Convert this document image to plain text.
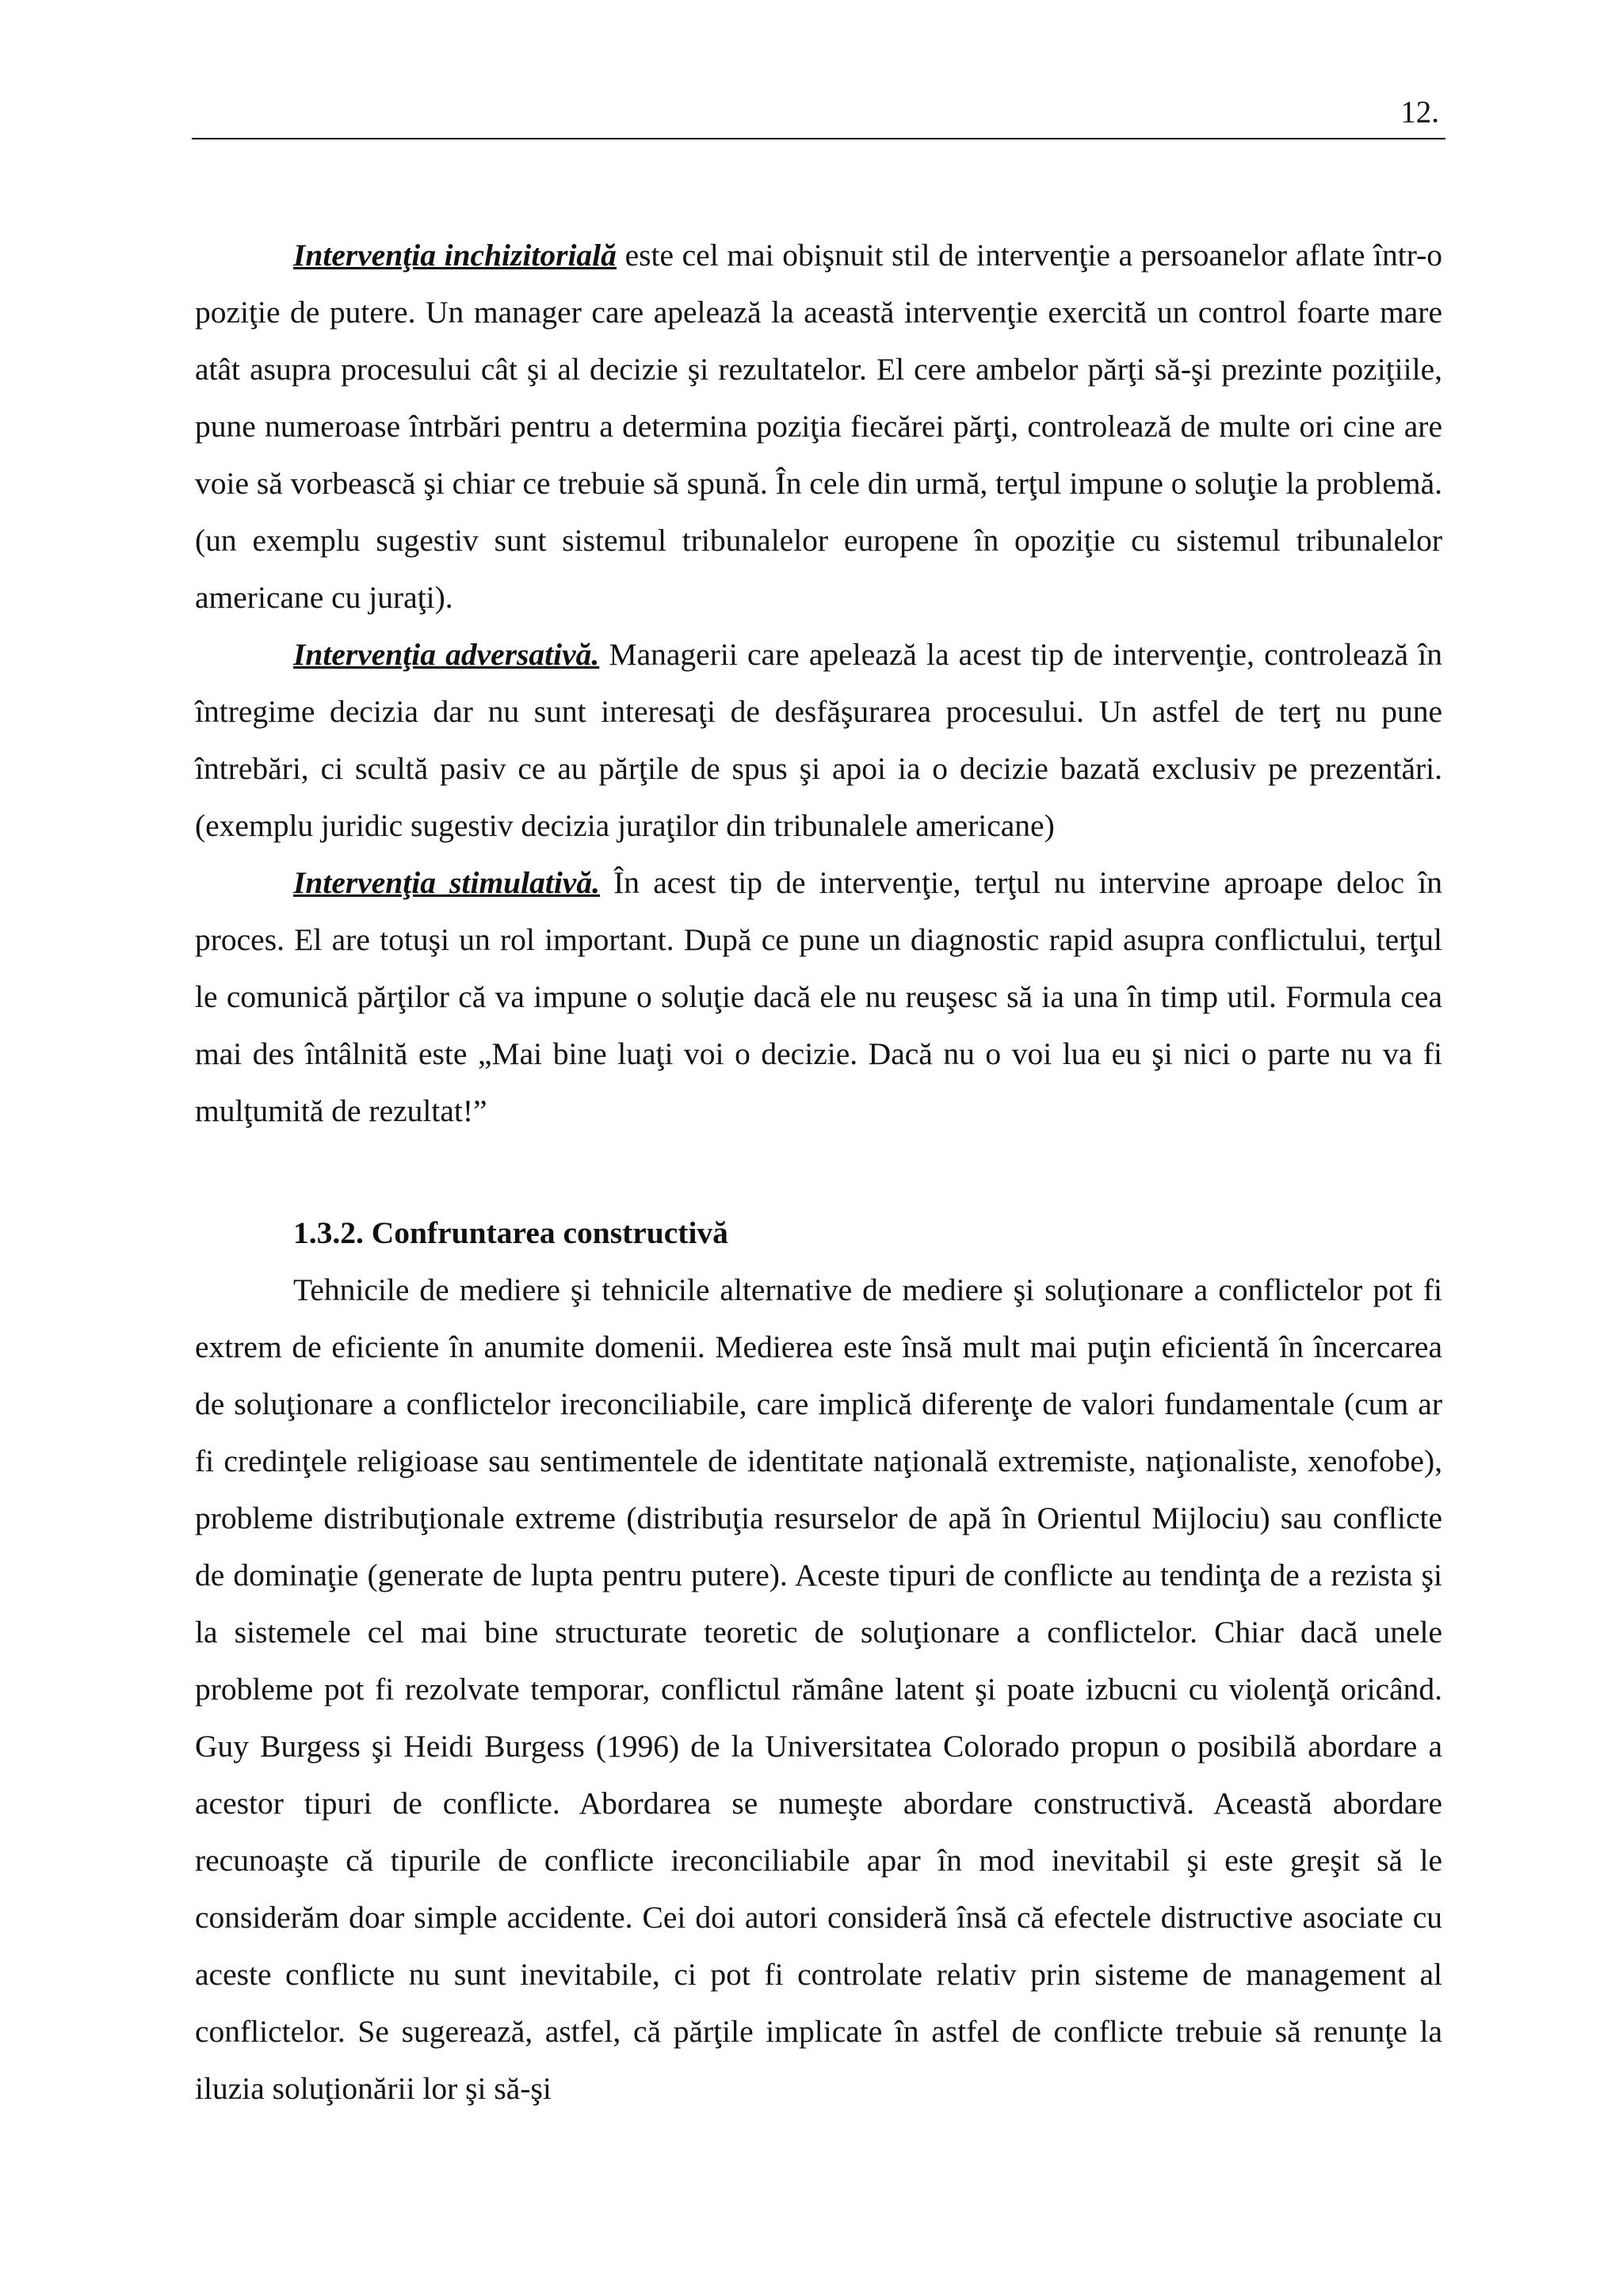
12.

Intervenţia inchizitorială este cel mai obişnuit stil de intervenţie a persoanelor aflate într-o poziţie de putere. Un manager care apelează la această intervenţie exercită un control foarte mare atât asupra procesului cât şi al decizie şi rezultatelor. El cere ambelor părţi să-şi prezinte poziţiile, pune numeroase întrbări pentru a determina poziţia fiecărei părţi, controlează de multe ori cine are voie să vorbească şi chiar ce trebuie să spună. În cele din urmă, terţul impune o soluţie la problemă. (un exemplu sugestiv sunt sistemul tribunalelor europene în opoziţie cu sistemul tribunalelor americane cu juraţi).

Intervenţia adversativă. Managerii care apelează la acest tip de intervenţie, controlează în întregime decizia dar nu sunt interesaţi de desfăşurarea procesului. Un astfel de terţ nu pune întrebări, ci scultă pasiv ce au părţile de spus şi apoi ia o decizie bazată exclusiv pe prezentări. (exemplu juridic sugestiv decizia juraţilor din tribunalele americane)

Intervenţia stimulativă. În acest tip de intervenţie, terţul nu intervine aproape deloc în proces. El are totuşi un rol important. După ce pune un diagnostic rapid asupra conflictului, terţul le comunică părţilor că va impune o soluţie dacă ele nu reuşesc să ia una în timp util. Formula cea mai des întâlnită este „Mai bine luaţi voi o decizie. Dacă nu o voi lua eu şi nici o parte nu va fi mulţumită de rezultat!”

1.3.2. Confruntarea constructivă

Tehnicile de mediere şi tehnicile alternative de mediere şi soluţionare a conflictelor pot fi extrem de eficiente în anumite domenii. Medierea este însă mult mai puţin eficientă în încercarea de soluţionare a conflictelor ireconciliabile, care implică diferenţe de valori fundamentale (cum ar fi credinţele religioase sau sentimentele de identitate naţională extremiste, naţionaliste, xenofobe), probleme distribuţionale extreme (distribuţia resurselor de apă în Orientul Mijlociu) sau conflicte de dominaţie (generate de lupta pentru putere). Aceste tipuri de conflicte au tendinţa de a rezista şi la sistemele cel mai bine structurate teoretic de soluţionare a conflictelor. Chiar dacă unele probleme pot fi rezolvate temporar, conflictul rămâne latent şi poate izbucni cu violenţă oricând. Guy Burgess şi Heidi Burgess (1996) de la Universitatea Colorado propun o posibilă abordare a acestor tipuri de conflicte. Abordarea se numeşte abordare constructivă. Această abordare recunoaşte că tipurile de conflicte ireconciliabile apar în mod inevitabil şi este greşit să le considerăm doar simple accidente. Cei doi autori consideră însă că efectele distructive asociate cu aceste conflicte nu sunt inevitabile, ci pot fi controlate relativ prin sisteme de management al conflictelor. Se sugerează, astfel, că părţile implicate în astfel de conflicte trebuie să renunţe la iluzia soluţionării lor şi să-şi
